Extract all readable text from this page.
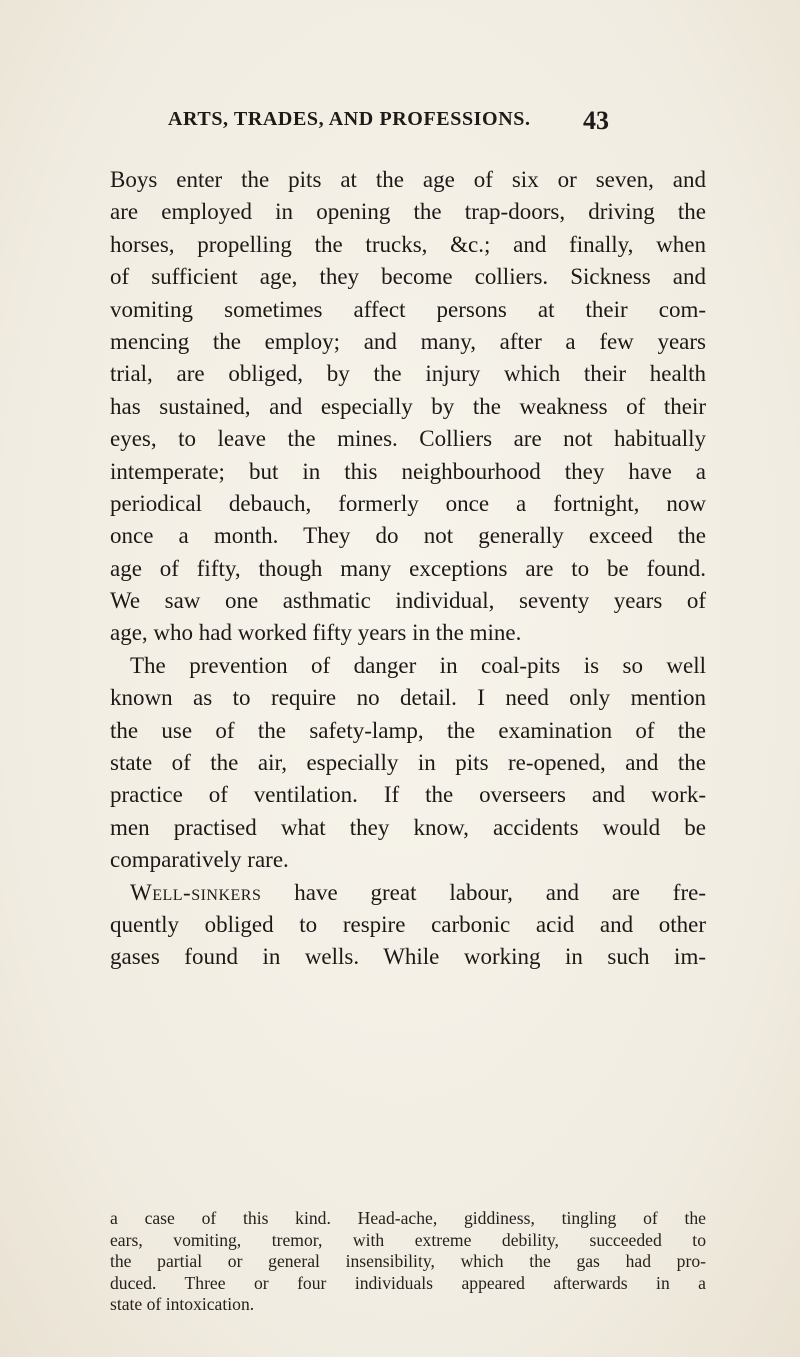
ARTS, TRADES, AND PROFESSIONS. 43
Boys enter the pits at the age of six or seven, and
are employed in opening the trap-doors, driving the
horses, propelling the trucks, &c.; and finally, when
of sufficient age, they become colliers. Sickness and
vomiting sometimes affect persons at their com-
mencing the employ; and many, after a few years
trial, are obliged, by the injury which their health
has sustained, and especially by the weakness of their
eyes, to leave the mines. Colliers are not habitually
intemperate; but in this neighbourhood they have a
periodical debauch, formerly once a fortnight, now
once a month. They do not generally exceed the
age of fifty, though many exceptions are to be found.
We saw one asthmatic individual, seventy years of
age, who had worked fifty years in the mine.
The prevention of danger in coal-pits is so well
known as to require no detail. I need only mention
the use of the safety-lamp, the examination of the
state of the air, especially in pits re-opened, and the
practice of ventilation. If the overseers and work-
men practised what they know, accidents would be
comparatively rare.
Well-sinkers have great labour, and are fre-
quently obliged to respire carbonic acid and other
gases found in wells. While working in such im-
a case of this kind. Head-ache, giddiness, tingling of the
ears, vomiting, tremor, with extreme debility, succeeded to
the partial or general insensibility, which the gas had pro-
duced. Three or four individuals appeared afterwards in a
state of intoxication.
